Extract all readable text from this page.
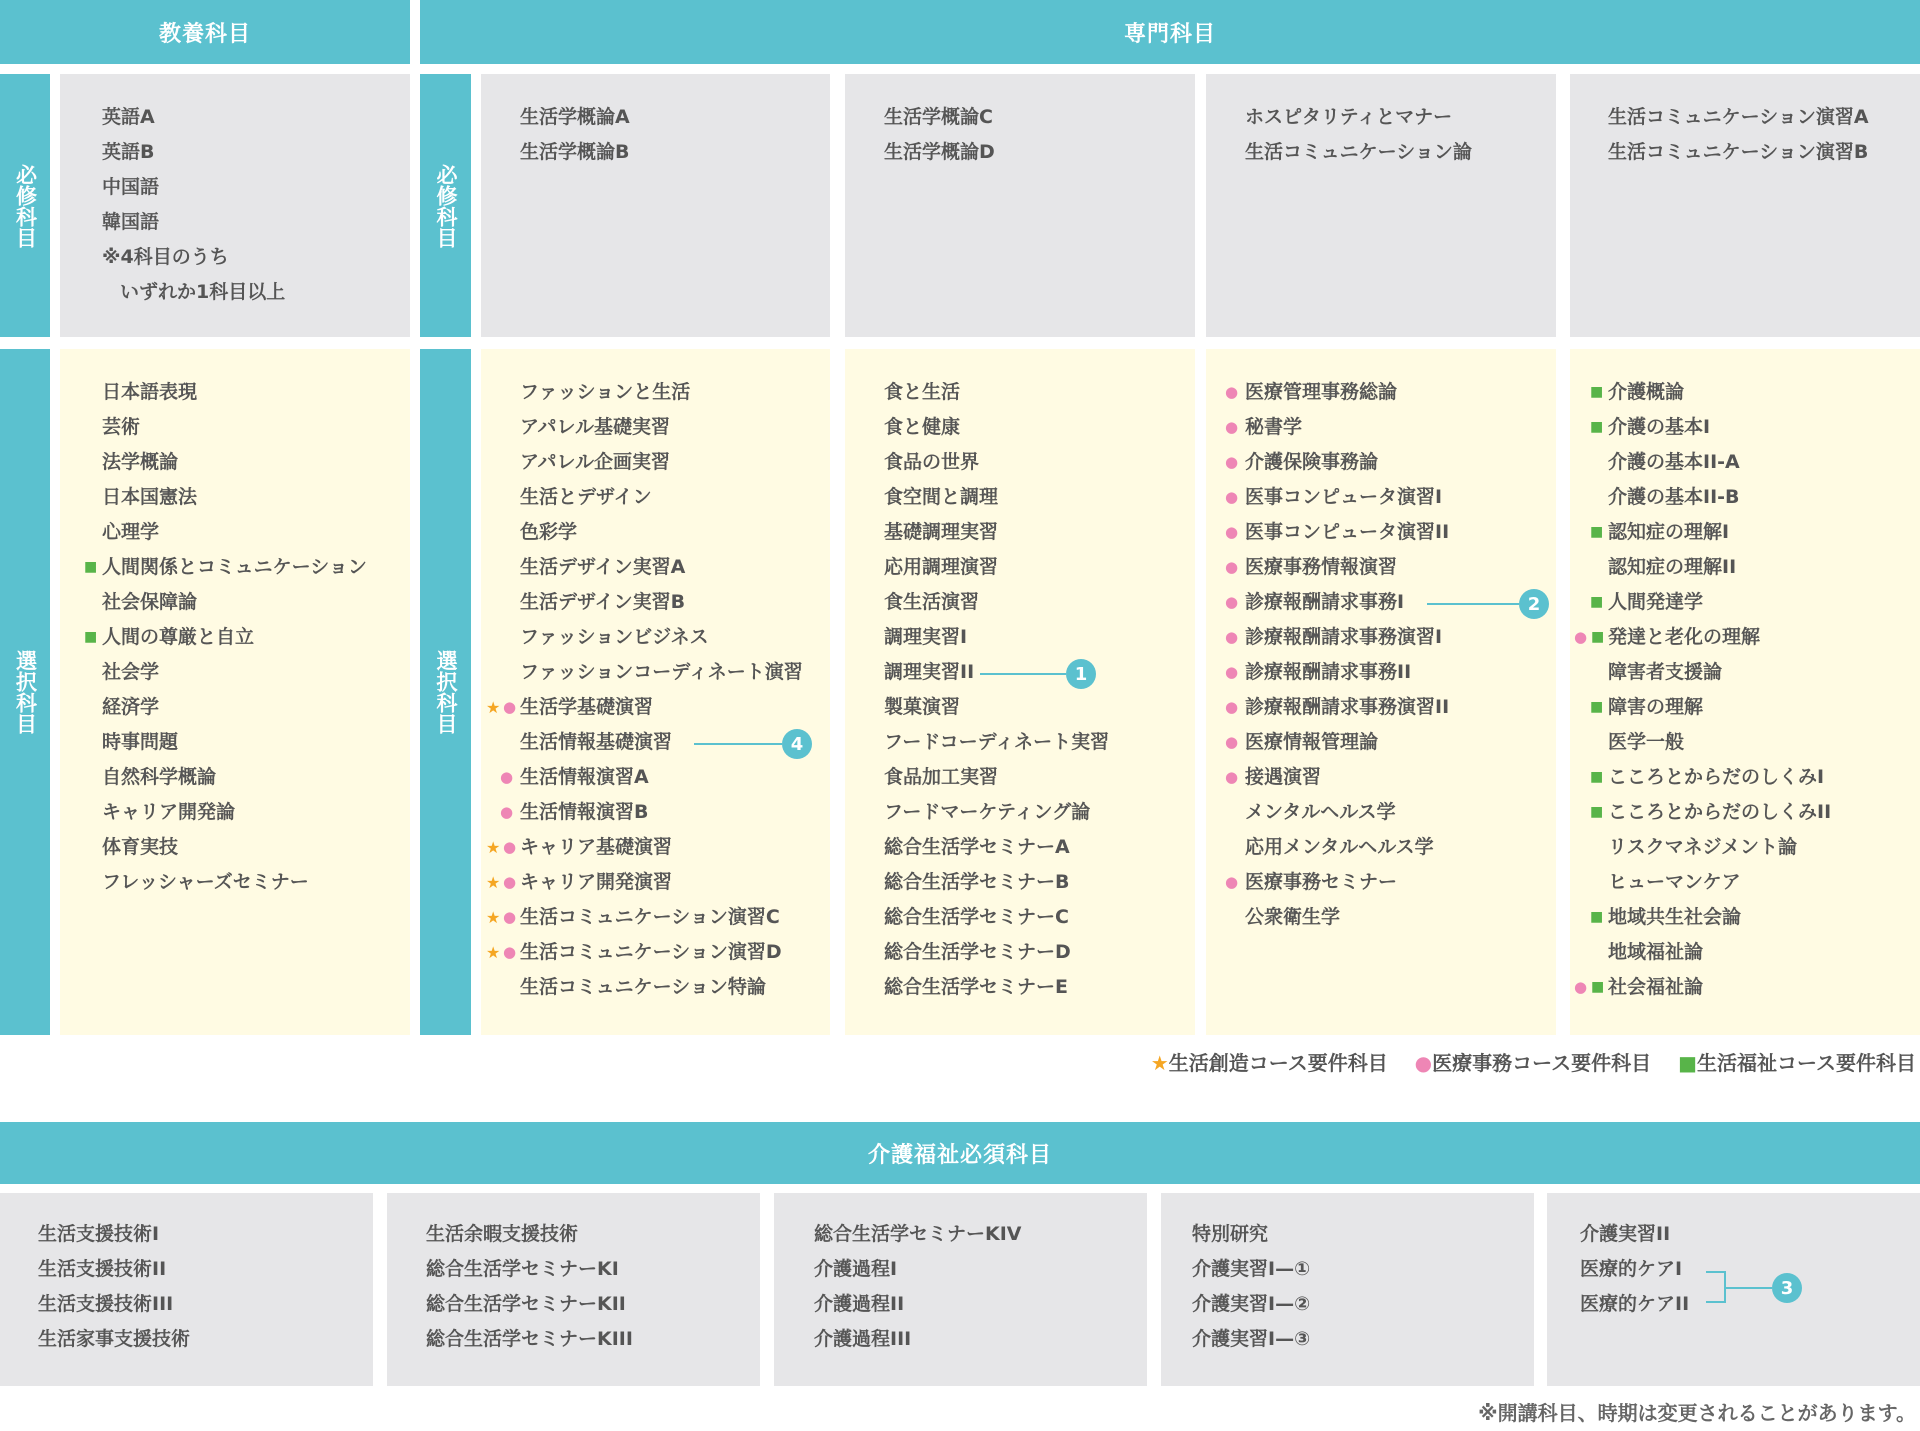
教養科目	専門科目
必修科目
選択科目
必修科目
選択科目
英語A
英語B
中国語
韓国語
※4科目のうち
いずれか1科目以上
日本語表現
芸術
法学概論
日本国憲法
心理学
人間関係とコミュニケーション
■
社会保障論
人間の尊厳と自立
■
社会学
経済学
時事問題
自然科学概論
キャリア開発論
体育実技
フレッシャーズセミナー
生活学概論A
生活学概論B
生活学概論C
生活学概論D
ホスピタリティとマナー
生活コミュニケーション論
生活コミュニケーション演習A
生活コミュニケーション演習B
ファッションと生活
アパレル基礎実習
アパレル企画実習
生活とデザイン
色彩学
生活デザイン実習A
生活デザイン実習B
ファッションビジネス
ファッションコーディネート演習
生活学基礎演習
★ ●
生活情報基礎演習
生活情報演習A
●
生活情報演習B
●
キャリア基礎演習
★ ●
キャリア開発演習
★ ●
生活コミュニケーション演習C
★ ●
生活コミュニケーション演習D
★ ●
生活コミュニケーション特論
食と生活
食と健康
食品の世界
食空間と調理
基礎調理実習
応用調理演習
食生活演習
調理実習I
調理実習II
製菓演習
フードコーディネート実習
食品加工実習
フードマーケティング論
総合生活学セミナーA
総合生活学セミナーB
総合生活学セミナーC
総合生活学セミナーD
総合生活学セミナーE
医療管理事務総論
●
秘書学
●
介護保険事務論
●
医事コンピュータ演習I
●
医事コンピュータ演習II
●
医療事務情報演習
●
診療報酬請求事務I
●
診療報酬請求事務演習I
●
診療報酬請求事務II
●
診療報酬請求事務演習II
●
医療情報管理論
●
接遇演習
●
メンタルヘルス学
応用メンタルヘルス学
医療事務セミナー
●
公衆衛生学
介護概論
■
介護の基本I
■
介護の基本II-A
介護の基本II-B
認知症の理解I
■
認知症の理解II
人間発達学
■
発達と老化の理解
● ■
障害者支援論
障害の理解
■
医学一般
こころとからだのしくみI
■
こころとからだのしくみII
■
リスクマネジメント論
ヒューマンケア
地域共生社会論
■
地域福祉論
社会福祉論
● ■
1
2
4
★生活創造コース要件科目 ●医療事務コース要件科目 ■生活福祉コース要件科目
介護福祉必須科目
生活支援技術I
生活支援技術II
生活支援技術III
生活家事支援技術
生活余暇支援技術
総合生活学セミナーKI
総合生活学セミナーKII
総合生活学セミナーKIII
総合生活学セミナーKIV
介護過程I
介護過程II
介護過程III
特別研究
介護実習I—①
介護実習I—②
介護実習I—③
介護実習II
医療的ケアI
医療的ケアII
3
※開講科目、時期は変更されることがあります。
